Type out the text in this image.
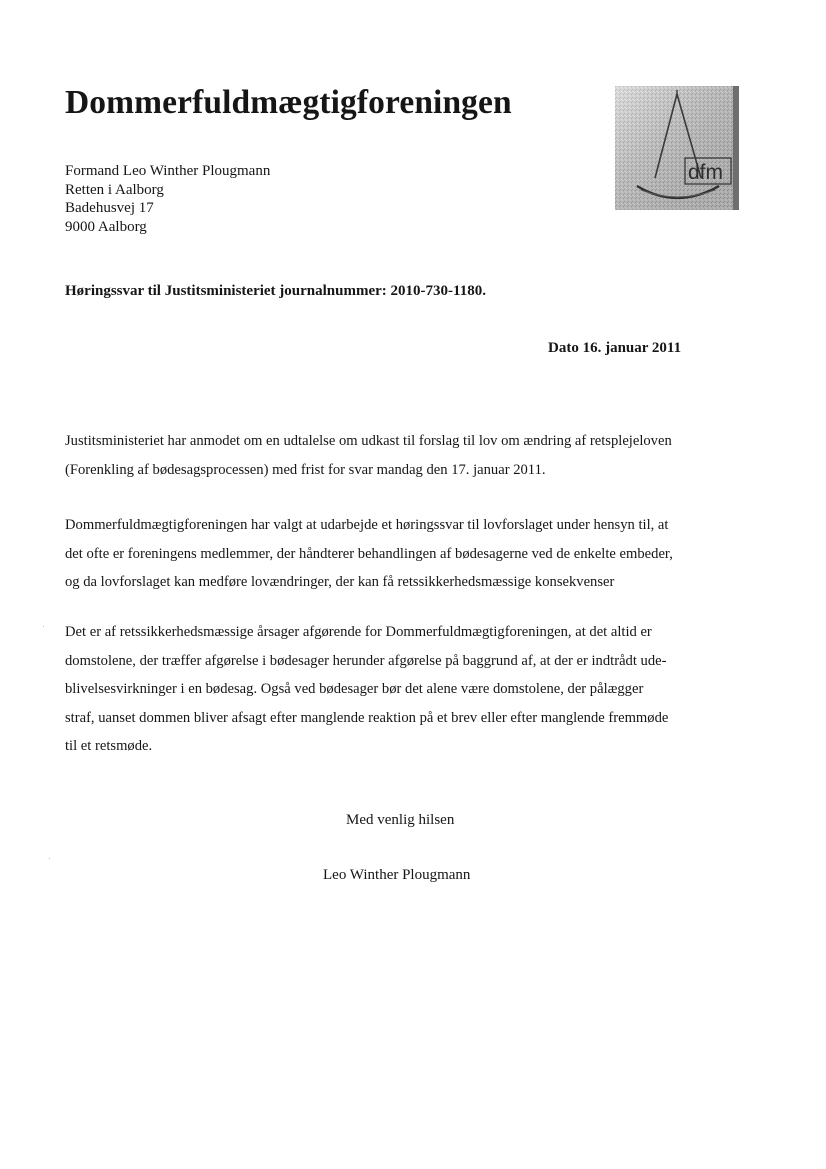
Dommerfuldmægtigforeningen
dfm
Formand Leo Winther Plougmann
Retten i Aalborg
Badehusvej 17
9000 Aalborg
Høringssvar til Justitsministeriet journalnummer: 2010-730-1180.
Dato 16. januar 2011
Justitsministeriet har anmodet om en udtalelse om udkast til forslag til lov om ændring af retsplejeloven
(Forenkling af bødesagsprocessen) med frist for svar mandag den 17. januar 2011.
Dommerfuldmægtigforeningen har valgt at udarbejde et høringssvar til lovforslaget under hensyn til, at
det ofte er foreningens medlemmer, der håndterer behandlingen af bødesagerne ved de enkelte embeder,
og da lovforslaget kan medføre lovændringer, der kan få retssikkerhedsmæssige konsekvenser
Det er af retssikkerhedsmæssige årsager afgørende for Dommerfuldmægtigforeningen, at det altid er
domstolene, der træffer afgørelse i bødesager herunder afgørelse på baggrund af, at der er indtrådt ude-
blivelsesvirkninger i en bødesag. Også ved bødesager bør det alene være domstolene, der pålægger
straf, uanset dommen bliver afsagt efter manglende reaktion på et brev eller efter manglende fremmøde
til et retsmøde.
Med venlig hilsen
Leo Winther Plougmann
